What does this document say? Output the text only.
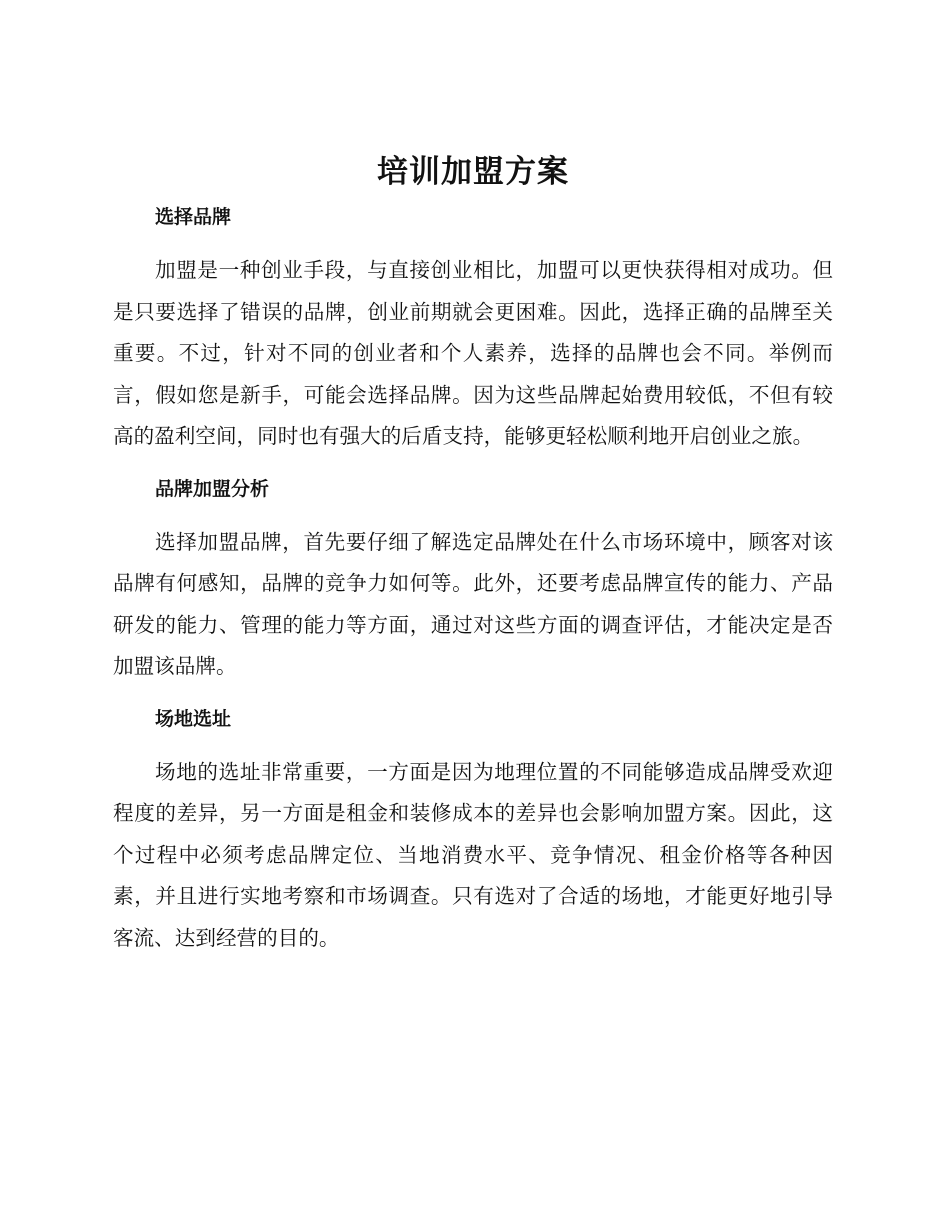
培训加盟方案
选择品牌

加盟是一种创业手段，与直接创业相比，加盟可以更快获得相对成功。但是只要选择了错误的品牌，创业前期就会更困难。因此，选择正确的品牌至关重要。不过，针对不同的创业者和个人素养，选择的品牌也会不同。举例而言，假如您是新手，可能会选择品牌。因为这些品牌起始费用较低，不但有较高的盈利空间，同时也有强大的后盾支持，能够更轻松顺利地开启创业之旅。

品牌加盟分析

选择加盟品牌，首先要仔细了解选定品牌处在什么市场环境中，顾客对该品牌有何感知，品牌的竞争力如何等。此外，还要考虑品牌宣传的能力、产品研发的能力、管理的能力等方面，通过对这些方面的调查评估，才能决定是否加盟该品牌。

场地选址

场地的选址非常重要，一方面是因为地理位置的不同能够造成品牌受欢迎程度的差异，另一方面是租金和装修成本的差异也会影响加盟方案。因此，这个过程中必须考虑品牌定位、当地消费水平、竞争情况、租金价格等各种因素，并且进行实地考察和市场调查。只有选对了合适的场地，才能更好地引导客流、达到经营的目的。
